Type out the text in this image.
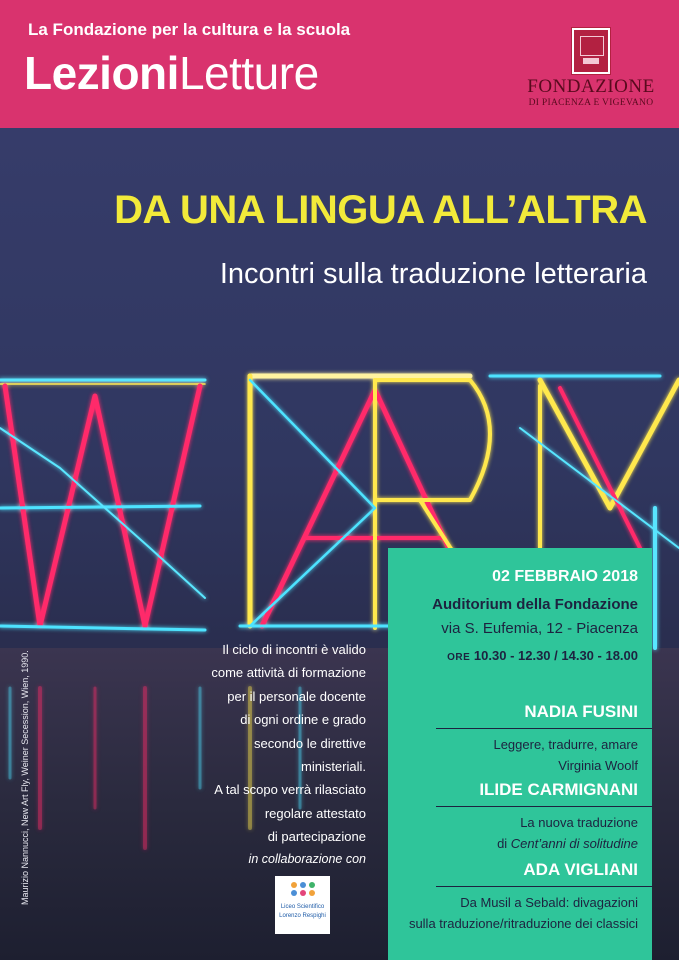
La Fondazione per la cultura e la scuola
LezioniLetture	FONDAZIONE
DI PIACENZA E VIGEVANO
DA UNA LINGUA ALL’ALTRA
Incontri sulla traduzione letteraria
Il ciclo di incontri è valido
come attività di formazione
per il personale docente
di ogni ordine e grado
secondo le direttive ministeriali.
A tal scopo verrà rilasciato
regolare attestato
di partecipazione
in collaborazione con
Liceo Scientifico
Lorenzo Respighi
Maurizio Nannucci, New Art Fly, Weiner Secession, Wien, 1990.
02 FEBBRAIO 2018
Auditorium della Fondazione
via S. Eufemia, 12 - Piacenza
ORE 10.30 - 12.30 / 14.30 - 18.00
NADIA FUSINI
Leggere, tradurre, amare
Virginia Woolf
ILIDE CARMIGNANI
La nuova traduzione
di Cent’anni di solitudine
ADA VIGLIANI
Da Musil a Sebald: divagazioni
sulla traduzione/ritraduzione dei classici
